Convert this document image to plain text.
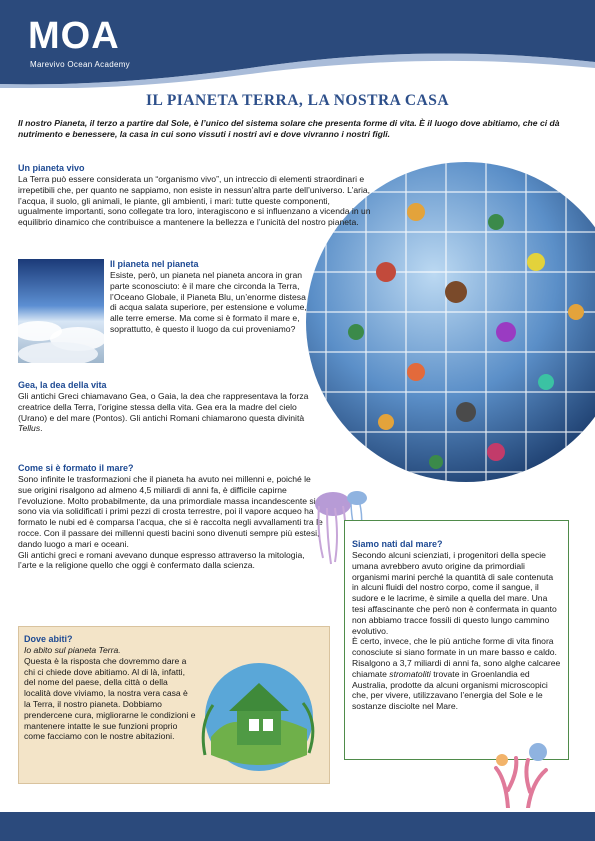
MOA
Marevivo Ocean Academy
IL PIANETA TERRA, LA NOSTRA CASA
Il nostro Pianeta, il terzo a partire dal Sole, è l’unico del sistema solare che presenta forme di vita. È il luogo dove abitiamo, che ci dà nutrimento e benessere, la casa in cui sono vissuti i nostri avi e dove vivranno i nostri figli.
Un pianeta vivo
La Terra può essere considerata un “organismo vivo”, un intreccio di elementi straordinari e irrepetibili che, per quanto ne sappiamo, non esiste in nessun’altra parte dell’universo. L’aria, l’acqua, il suolo, gli animali, le piante, gli ambienti, i mari: tutte queste componenti, ugualmente importanti, sono collegate tra loro, interagiscono e si influenzano a vicenda in un equilibrio dinamico che contribuisce a mantenere la bellezza e l’unicità del nostro pianeta.
Il pianeta nel pianeta
Esiste, però, un pianeta nel pianeta ancora in gran parte sconosciuto: è il mare che circonda la Terra, l’Oceano Globale, il Pianeta Blu, un’enorme distesa di acqua salata superiore, per estensione e volume, alle terre emerse. Ma come si è formato il mare e, soprattutto, è questo il luogo da cui proveniamo?
Gea, la dea della vita
Gli antichi Greci chiamavano Gea, o Gaia, la dea che rappresentava la forza creatrice della Terra, l’origine stessa della vita. Gea era la madre del cielo (Urano) e del mare (Pontos). Gli antichi Romani chiamarono questa divinità Tellus.
Come si è formato il mare?
Sono infinite le trasformazioni che il pianeta ha avuto nei millenni e, poiché le sue origini risalgono ad almeno 4,5 miliardi di anni fa, è difficile capirne l’evoluzione. Molto probabilmente, da una primordiale massa incandescente si sono via via solidificati i primi pezzi di crosta terrestre, poi il vapore acqueo ha formato le nubi ed è comparsa l’acqua, che si è raccolta negli avvallamenti tra le rocce. Con il passare dei millenni questi bacini sono divenuti sempre più estesi, dando luogo a mari e oceani.
Gli antichi greci e romani avevano dunque espresso attraverso la mitologia, l’arte e la religione quello che oggi è confermato dalla scienza.
Siamo nati dal mare?
Secondo alcuni scienziati, i progenitori della specie umana avrebbero avuto origine da primordiali organismi marini perché la quantità di sale contenuta in alcuni fluidi del nostro corpo, come il sangue, il sudore e le lacrime, è simile a quella del mare. Una tesi affascinante che però non è confermata in quanto non abbiamo tracce fossili di questo lungo cammino evolutivo.
È certo, invece, che le più antiche forme di vita finora conosciute si siano formate in un mare basso e caldo. Risalgono a 3,7 miliardi di anni fa, sono alghe calcaree chiamate stromatoliti trovate in Groenlandia ed Australia, prodotte da alcuni organismi microscopici che, per vivere, utilizzavano l’energia del Sole e le sostanze disciolte nel Mare.
Dove abiti?
Io abito sul pianeta Terra.
Questa è la risposta che dovremmo dare a chi ci chiede dove abitiamo. Al di là, infatti, del nome del paese, della città o della località dove viviamo, la nostra vera casa è la Terra, il nostro pianeta. Dobbiamo prendercene cura, migliorarne le condizioni e mantenere intatte le sue funzioni proprio come facciamo con le nostre abitazioni.
